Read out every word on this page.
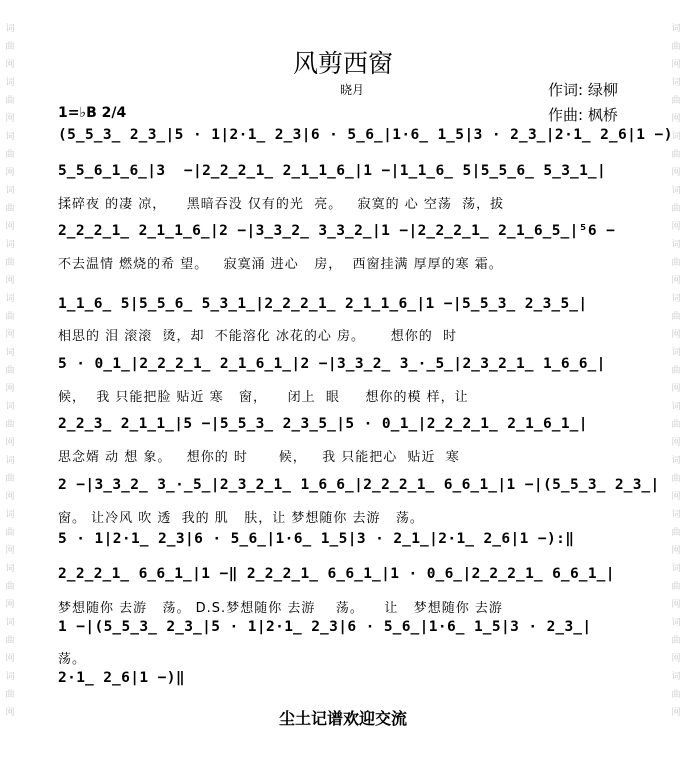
词
曲
网
词
曲
网
词
曲
网
词
曲
网
词
曲
网
词
曲
网
词
曲
网
词
曲
网
词
曲
网
词
曲
网
词
曲
网
词
曲
网
词
曲
网
词
曲
网
词
曲
网
词
曲
网
词
曲
网
词
曲
网
词
曲
网
词
曲
网
词
曲
网
词
曲
网
词
曲
网
词
曲
网
词
曲
网
词
曲
网
风剪西窗
晓月	作词: 绿柳
作曲: 枫桥
1=♭B 2/4
(5̲5̲3̲ 2̲3̲|5 · 1|2·1̲ 2̲3|6 · 5̲6̲|1·6̲ 1̲5|3 · 2̲3̲|2·1̲ 2̲6|1 −)
5̲5̲6̲1̲6̲|3  −|2̲2̲2̲1̲ 2̲1̲1̲6̲|1 −|1̲1̲6̲ 5|5̲5̲6̲ 5̲3̲1̲|
揉碎夜 的凄 凉，    黑暗吞没 仅有的光  亮。   寂寞的 心 空荡  荡，拔
2̲2̲2̲1̲ 2̲1̲1̲6̲|2 −|3̲3̲2̲ 3̲3̲2̲|1 −|2̲2̲2̲1̲ 2̲1̲6̲5̲|⁵6 −
不去温情 燃烧的希 望。   寂寞涌 进心   房，  西窗挂满 厚厚的寒 霜。
1̲1̲6̲ 5|5̲5̲6̲ 5̲3̲1̲|2̲2̲2̲1̲ 2̲1̲1̲6̲|1 −|5̲5̲3̲ 2̲3̲5̲|
相思的 泪 滚滚  烫，却  不能溶化 冰花的心 房。     想你的  时
5 · 0̲1̲|2̲2̲2̲1̲ 2̲1̲6̲1̲|2 −|3̲3̲2̲ 3̲·̲5̲|2̲3̲2̲1̲ 1̲6̲6̲|
候，  我 只能把脸 贴近 寒   窗，    闭上  眼     想你的模 样，让
2̲2̲3̲ 2̲1̲1̲|5 −|5̲5̲3̲ 2̲3̲5̲|5 · 0̲1̲|2̲2̲2̲1̲ 2̲1̲6̲1̲|
思念婿 动 想 象。   想你的 时      候，   我 只能把心  贴近  寒
2 −|3̲3̲2̲ 3̲·̲5̲|2̲3̲2̲1̲ 1̲6̲6̲|2̲2̲2̲1̲ 6̲6̲1̲|1 −|(5̲5̲3̲ 2̲3̲|
窗。 让冷风 吹 透  我的 肌   肤，让 梦想随你 去游   荡。
5 · 1|2·1̲ 2̲3|6 · 5̲6̲|1·6̲ 1̲5|3 · 2̲1̲|2·1̲ 2̲6|1 −):‖
2̲2̲2̲1̲ 6̲6̲1̲|1 −‖ 2̲2̲2̲1̲ 6̲6̲1̲|1 · 0̲6̲|2̲2̲2̲1̲ 6̲6̲1̲|
梦想随你 去游   荡。 D.S.梦想随你 去游    荡。    让   梦想随你 去游
1 −|(5̲5̲3̲ 2̲3̲|5 · 1|2·1̲ 2̲3|6 · 5̲6̲|1·6̲ 1̲5|3 · 2̲3̲|
荡。
2·1̲ 2̲6|1 −)‖
尘土记谱欢迎交流
